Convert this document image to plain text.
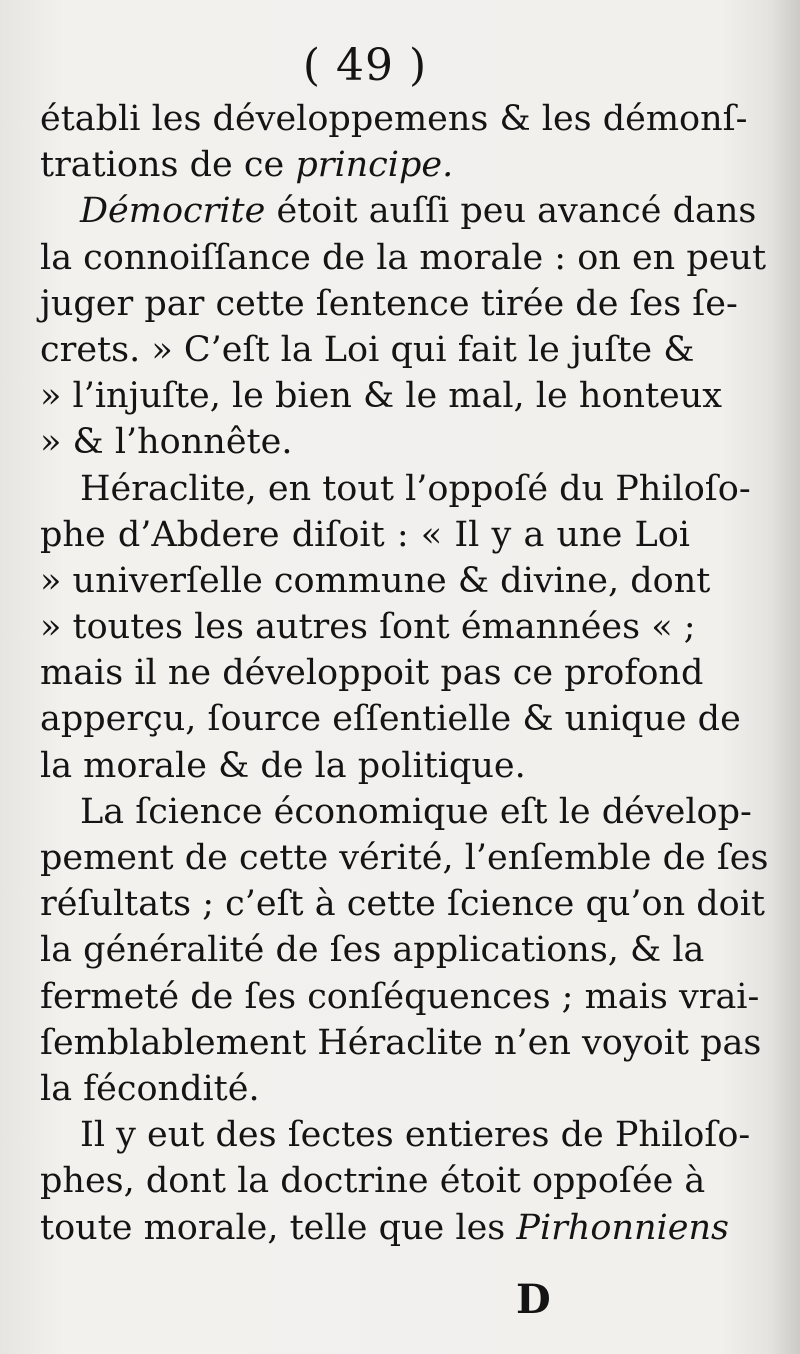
( 49 )
établi les développemens & les démonſ-
trations de ce principe.
Démocrite étoit auſſi peu avancé dans
la connoiſſance de la morale : on en peut
juger par cette ſentence tirée de ſes ſe-
crets. » C’eſt la Loi qui fait le juſte &
» l’injuſte, le bien & le mal, le honteux
» & l’honnête.
Héraclite, en tout l’oppoſé du Philoſo-
phe d’Abdere diſoit : « Il y a une Loi
» univerſelle commune & divine, dont
» toutes les autres ſont émannées « ;
mais il ne développoit pas ce profond
apperçu, ſource eſſentielle & unique de
la morale & de la politique.
La ſcience économique eſt le dévelop-
pement de cette vérité, l’enſemble de ſes
réſultats ; c’eſt à cette ſcience qu’on doit
la généralité de ſes applications, & la
fermeté de ſes conſéquences ; mais vrai-
ſemblablement Héraclite n’en voyoit pas
la fécondité.
Il y eut des ſectes entieres de Philoſo-
phes, dont la doctrine étoit oppoſée à
toute morale, telle que les Pirhonniens
D
